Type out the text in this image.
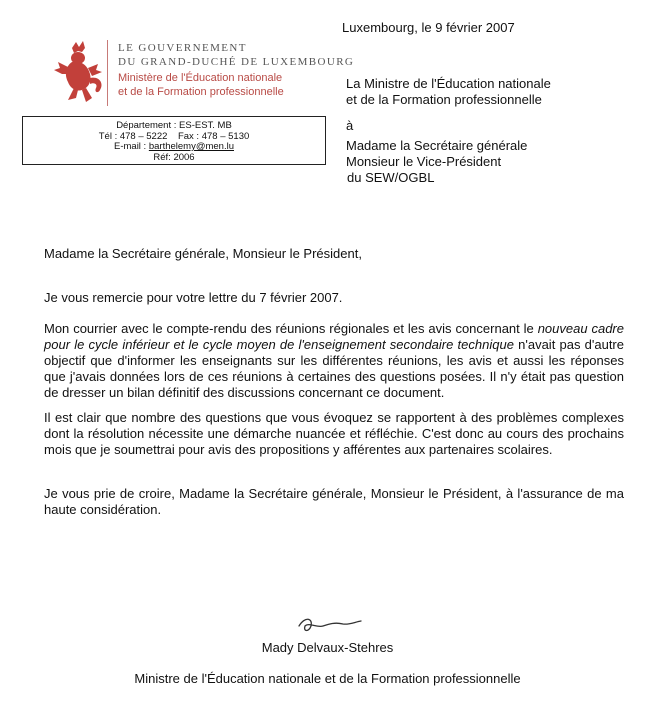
Luxembourg, le 9 février 2007
LE GOUVERNEMENT
DU GRAND-DUCHÉ DE LUXEMBOURG
Ministère de l'Éducation nationale
et de la Formation professionnelle
Département : ES-EST. MB
Tél : 478 – 5222    Fax : 478 – 5130
E-mail : barthelemy@men.lu
Réf: 2006
La Ministre de l'Éducation nationale
et de la Formation professionnelle
à
Madame la Secrétaire générale
Monsieur le Vice-Président
du SEW/OGBL
Madame la Secrétaire générale, Monsieur le Président,
Je vous remercie pour votre lettre du 7 février 2007.
Mon courrier avec le compte-rendu des réunions régionales et les avis concernant le nouveau cadre pour le cycle inférieur et le cycle moyen de l'enseignement secondaire technique n'avait pas d'autre objectif que d'informer les enseignants sur les différentes réunions, les avis et aussi les réponses que j'avais données lors de ces réunions à certaines des questions posées. Il n'y était pas question de dresser un bilan définitif des discussions concernant ce document.
Il est clair que nombre des questions que vous évoquez se rapportent à des problèmes complexes dont la résolution nécessite une démarche nuancée et réfléchie. C'est donc au cours des prochains mois que je soumettrai pour avis des propositions y afférentes aux partenaires scolaires.
Je vous prie de croire, Madame la Secrétaire générale, Monsieur le Président, à l'assurance de ma haute considération.
Mady Delvaux-Stehres
Ministre de l'Éducation nationale et de la Formation professionnelle
